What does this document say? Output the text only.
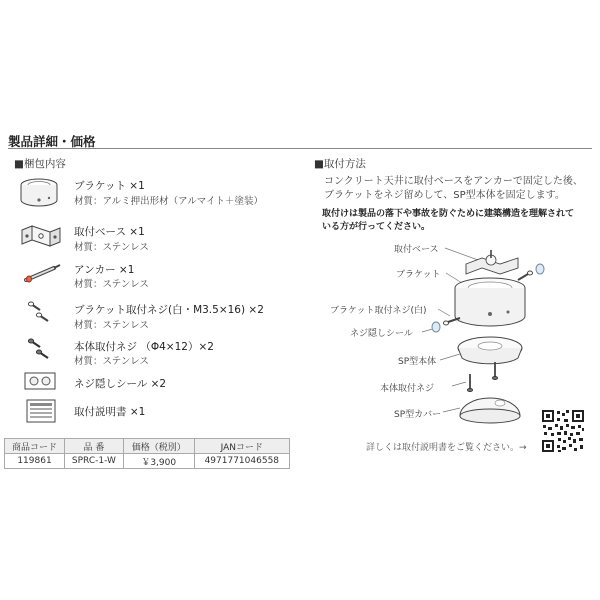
製品詳細・価格
■梱包内容
ブラケット ×1
材質：アルミ押出形材（アルマイト＋塗装）
取付ベース ×1
材質：ステンレス
アンカー ×1
材質：ステンレス
ブラケット取付ネジ(白・M3.5×16) ×2
材質：ステンレス
本体取付ネジ （Φ4×12）×2
材質：ステンレス
ネジ隠しシール ×2
取付説明書 ×1
商品コード	品 番	価格（税別）	JANコード
119861	SPRC-1-W	￥3,900	4971771046558
■取付方法
コンクリート天井に取付ベースをアンカーで固定した後、
ブラケットをネジ留めして、SP型本体を固定します。
取付けは製品の落下や事故を防ぐために建築構造を理解されて
いる方が行ってください。
取付ベース
ブラケット
ブラケット取付ネジ(白)
ネジ隠しシール
SP型本体
本体取付ネジ
SP型カバー
詳しくは取付説明書をご覧ください。→
